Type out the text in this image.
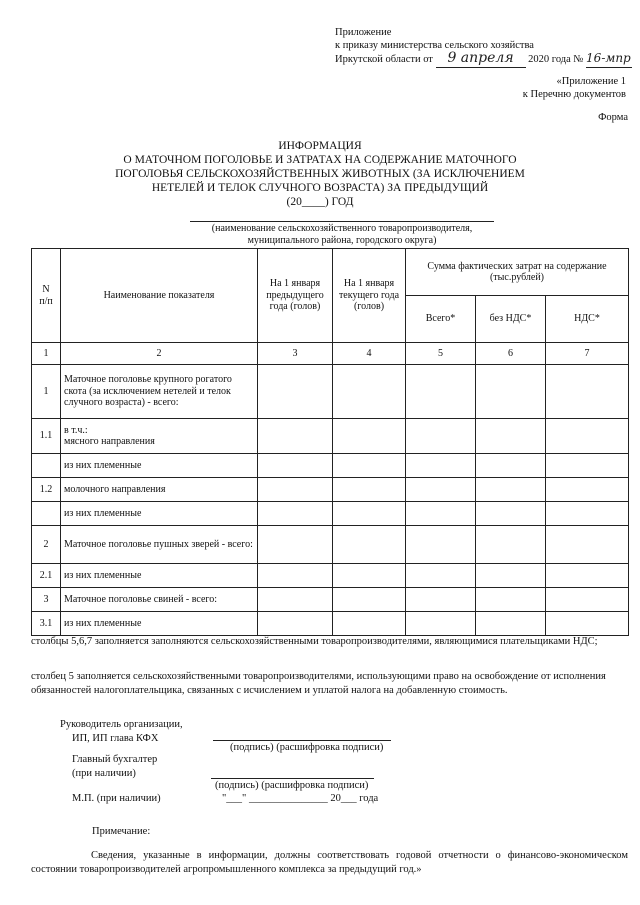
Приложение
к приказу министерства сельского хозяйства
Иркутской области от 9 апреля 2020 года № 16-мпр
«Приложение 1
к Перечню документов
Форма
ИНФОРМАЦИЯ
О МАТОЧНОМ ПОГОЛОВЬЕ И ЗАТРАТАХ НА СОДЕРЖАНИЕ МАТОЧНОГО
ПОГОЛОВЬЯ СЕЛЬСКОХОЗЯЙСТВЕННЫХ ЖИВОТНЫХ (ЗА ИСКЛЮЧЕНИЕМ
НЕТЕЛЕЙ И ТЕЛОК СЛУЧНОГО ВОЗРАСТА) ЗА ПРЕДЫДУЩИЙ
(20____) ГОД
(наименование сельскохозяйственного товаропроизводителя,
муниципального района, городского округа)
N
п/п	Наименование показателя	На 1 января предыдущего года (голов)	На 1 января текущего года (голов)	Сумма фактических затрат на содержание (тыс.рублей)		
				Всего*	без НДС*	НДС*
1	2	3	4	5	6	7
1	Маточное поголовье крупного рогатого скота (за исключением нетелей и телок случного возраста) - всего:					
1.1	в т.ч.:
мясного направления					
	из них племенные					
1.2	молочного направления					
	из них племенные					
2	Маточное поголовье пушных зверей - всего:					
2.1	из них племенные					
3	Маточное поголовье свиней - всего:					
3.1	из них племенные					
столбцы 5,6,7 заполняется заполняются сельскохозяйственными товаропроизводителями, являющимися плательщиками НДС;
столбец 5 заполняется сельскохозяйственными товаропроизводителями, использующими право на освобождение от исполнения обязанностей налогоплательщика, связанных с исчислением и уплатой налога на добавленную стоимость.
Руководитель организации,
ИП, ИП глава КФХ
(подпись) (расшифровка подписи)
Главный бухгалтер
(при наличии)
(подпись) (расшифровка подписи)
М.П. (при наличии)	"___" _______________ 20___ года
Примечание:
Сведения, указанные в информации, должны соответствовать годовой отчетности о финансово-экономическом состоянии товаропроизводителей агропромышленного комплекса за предыдущий год.»
